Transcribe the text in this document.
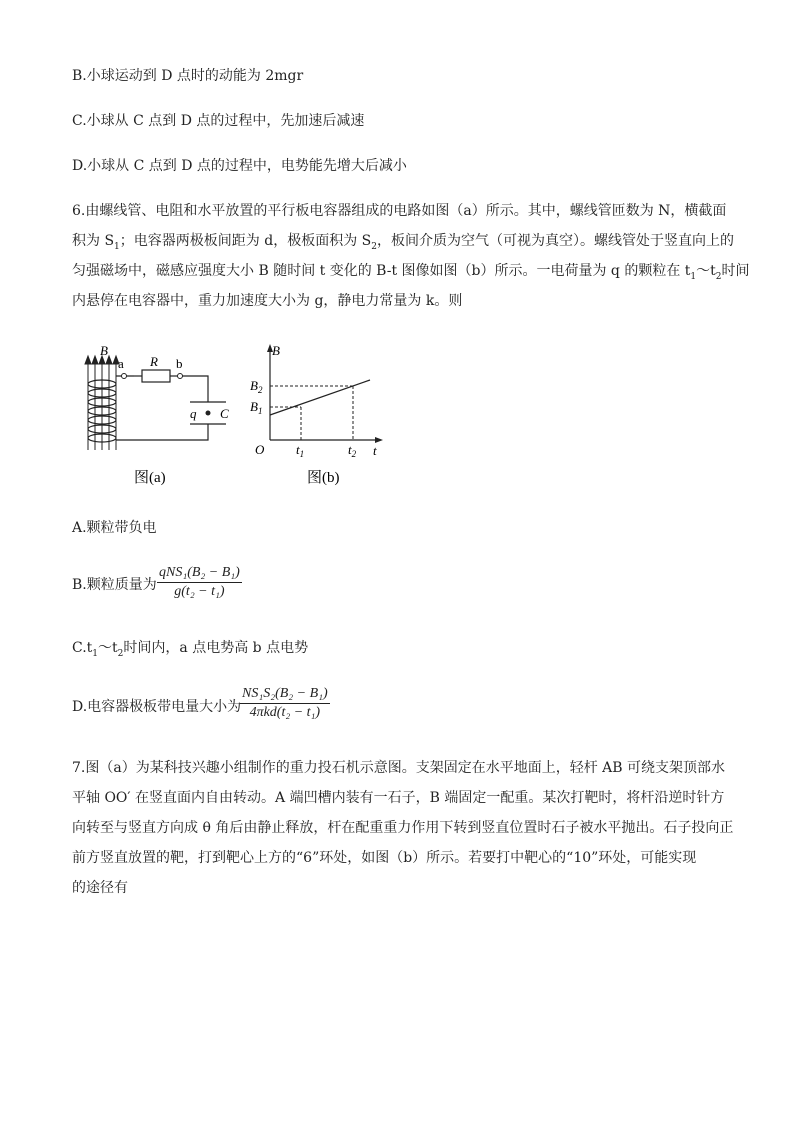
B.小球运动到 D 点时的动能为 2mgr
C.小球从 C 点到 D 点的过程中，先加速后减速
D.小球从 C 点到 D 点的过程中，电势能先增大后减小
6.由螺线管、电阻和水平放置的平行板电容器组成的电路如图（a）所示。其中，螺线管匝数为 N，横截面
积为 $S_1$；电容器两极板间距为 d，极板面积为 $S_2$，板间介质为空气（可视为真空）。螺线管处于竖直向上的
匀强磁场中，磁感应强度大小 B 随时间 t 变化的 B-t 图像如图（b）所示。一电荷量为 q 的颗粒在 $t_1\sim t_2$时间
内悬停在电容器中，重力加速度大小为 g，静电力常量为 k。则
B
a R b
q C
图(a)
B
t
O
$B_2$
$B_1$
$t_1$	$t_2$
图(b)
A.颗粒带负电
B.颗粒质量为
qNS₁(B₂ − B₁)
g(t₂ − t₁)
$C.t_1\sim t_2$时间内，a 点电势高 b 点电势
D.电容器极板带电量大小为
NS₁S₂(B₂ − B₁)
4πkd(t₂ − t₁)
7.图（a）为某科技兴趣小组制作的重力投石机示意图。支架固定在水平地面上，轻杆 AB 可绕支架顶部水
平轴 OO′ 在竖直面内自由转动。A 端凹槽内装有一石子，B 端固定一配重。某次打靶时，将杆沿逆时针方
向转至与竖直方向成 θ 角后由静止释放，杆在配重重力作用下转到竖直位置时石子被水平抛出。石子投向正
前方竖直放置的靶，打到靶心上方的“6”环处，如图（b）所示。若要打中靶心的“10”环处，可能实现
的途径有
